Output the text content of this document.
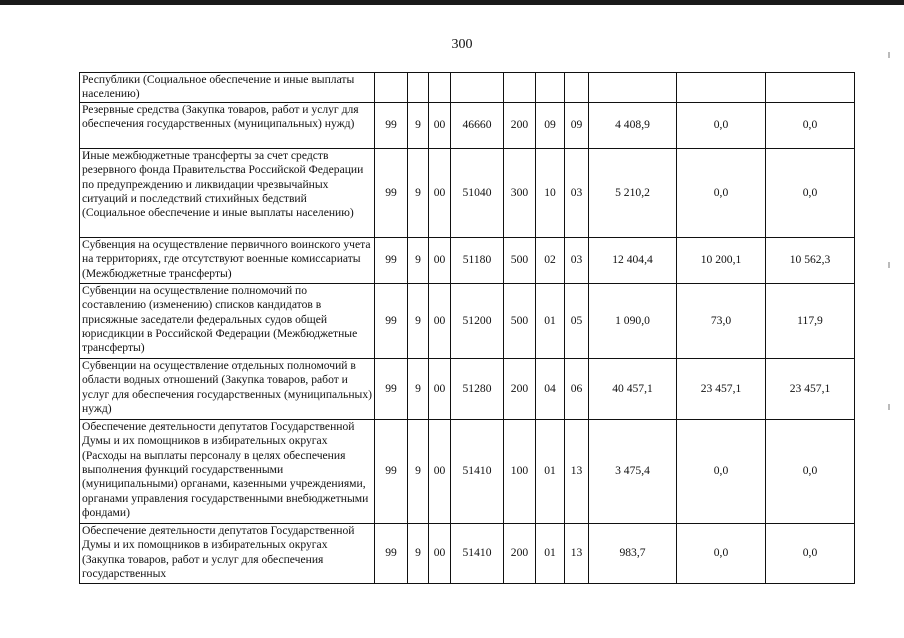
300
Республики (Социальное обеспечение и иные выплаты населению)										
Резервные средства (Закупка товаров, работ и услуг для обеспечения государственных (муниципальных) нужд)	99	9	00	46660	200	09	09	4 408,9	0,0	0,0
Иные межбюджетные трансферты за счет средств резервного фонда Правительства Российской Федерации по предупреждению и ликвидации чрезвычайных ситуаций и последствий стихийных бедствий (Социальное обеспечение и иные выплаты населению)	99	9	00	51040	300	10	03	5 210,2	0,0	0,0
Субвенция на осуществление первичного воинского учета на территориях, где отсутствуют военные комиссариаты (Межбюджетные трансферты)	99	9	00	51180	500	02	03	12 404,4	10 200,1	10 562,3
Субвенции на осуществление полномочий по составлению (изменению) списков кандидатов в присяжные заседатели федеральных судов общей юрисдикции в Российской Федерации (Межбюджетные трансферты)	99	9	00	51200	500	01	05	1 090,0	73,0	117,9
Субвенции на осуществление отдельных полномочий в области водных отношений (Закупка товаров, работ и услуг для обеспечения государственных (муниципальных) нужд)	99	9	00	51280	200	04	06	40 457,1	23 457,1	23 457,1
Обеспечение деятельности депутатов Государственной Думы и их помощников в избирательных округах (Расходы на выплаты персоналу в целях обеспечения выполнения функций государственными (муниципальными) органами, казенными учреждениями, органами управления государственными внебюджетными фондами)	99	9	00	51410	100	01	13	3 475,4	0,0	0,0
Обеспечение деятельности депутатов Государственной Думы и их помощников в избирательных округах (Закупка товаров, работ и услуг для обеспечения государственных	99	9	00	51410	200	01	13	983,7	0,0	0,0
